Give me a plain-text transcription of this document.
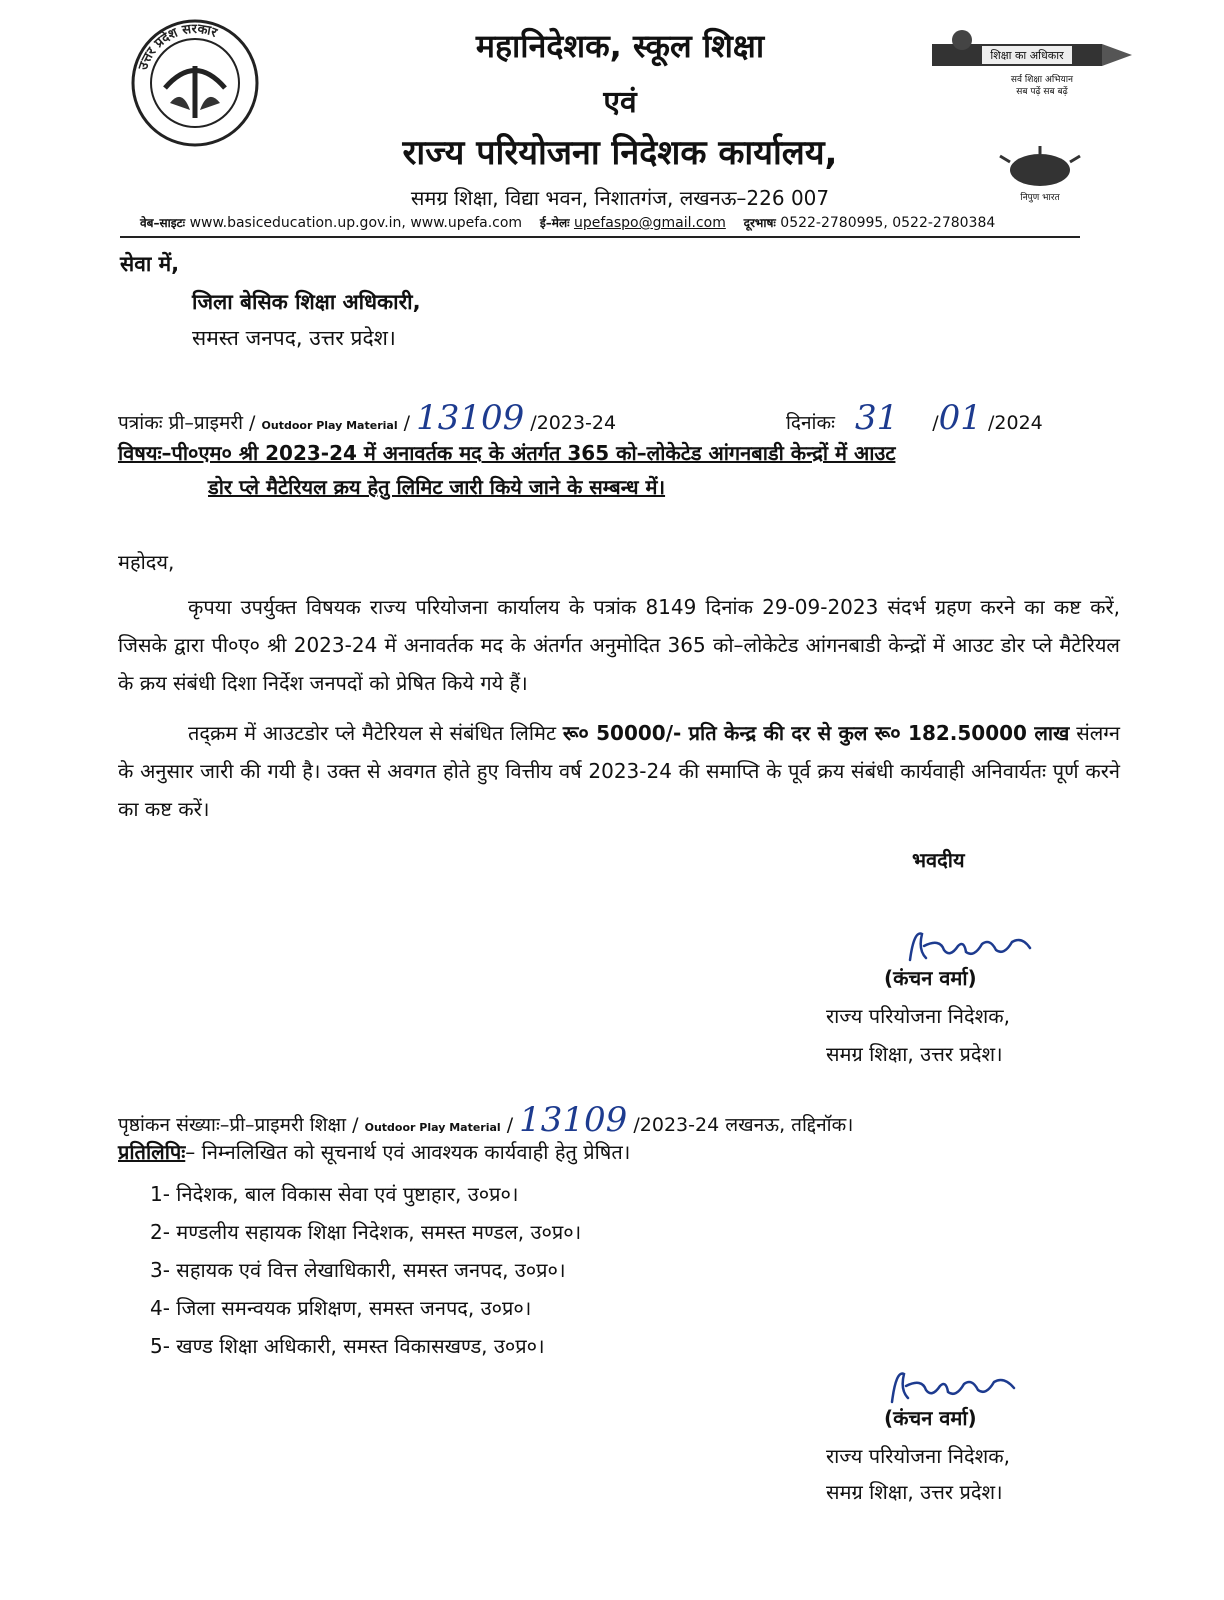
उत्तर प्रदेश सरकार
शिक्षा का अधिकार
सर्व शिक्षा अभियान
सब पढ़ें सब बढ़ें
निपुण भारत
महानिदेशक, स्कूल शिक्षा
एवं
राज्य परियोजना निदेशक कार्यालय,
समग्र शिक्षा, विद्या भवन, निशातगंज, लखनऊ–226 007
वेब–साइटः www.basiceducation.up.gov.in, www.upefa.com ई–मेलः upefaspo@gmail.com दूरभाषः 0522-2780995, 0522-2780384
सेवा में,
जिला बेसिक शिक्षा अधिकारी,
समस्त जनपद, उत्तर प्रदेश।
पत्रांकः प्री–प्राइमरी / Outdoor Play Material / 13109 /2023-24	दिनांकः 31 /01 /2024
विषयः–पी०एम० श्री 2023-24 में अनावर्तक मद के अंतर्गत 365 को–लोकेटेड आंगनबाडी केन्द्रों में आउट
डोर प्ले मैटेरियल क्रय हेतु लिमिट जारी किये जाने के सम्बन्ध में।
महोदय,
कृपया उपर्युक्त विषयक राज्य परियोजना कार्यालय के पत्रांक 8149 दिनांक 29-09-2023 संदर्भ ग्रहण करने का कष्ट करें, जिसके द्वारा पी०ए० श्री 2023-24 में अनावर्तक मद के अंतर्गत अनुमोदित 365 को–लोकेटेड आंगनबाडी केन्द्रों में आउट डोर प्ले मैटेरियल के क्रय संबंधी दिशा निर्देश जनपदों को प्रेषित किये गये हैं।
तद्क्रम में आउटडोर प्ले मैटेरियल से संबंधित लिमिट रू० 50000/- प्रति केन्द्र की दर से कुल रू० 182.50000 लाख संलग्न के अनुसार जारी की गयी है। उक्त से अवगत होते हुए वित्तीय वर्ष 2023-24 की समाप्ति के पूर्व क्रय संबंधी कार्यवाही अनिवार्यतः पूर्ण करने का कष्ट करें।
भवदीय
(कंचन वर्मा)
राज्य परियोजना निदेशक,
समग्र शिक्षा, उत्तर प्रदेश।
पृष्ठांकन संख्याः–प्री–प्राइमरी शिक्षा / Outdoor Play Material / 13109 /2023-24 लखनऊ, तद्दिनॉक।
प्रतिलिपिः– निम्नलिखित को सूचनार्थ एवं आवश्यक कार्यवाही हेतु प्रेषित।
1- निदेशक, बाल विकास सेवा एवं पुष्टाहार, उ०प्र०।
2- मण्डलीय सहायक शिक्षा निदेशक, समस्त मण्डल, उ०प्र०।
3- सहायक एवं वित्त लेखाधिकारी, समस्त जनपद, उ०प्र०।
4- जिला समन्वयक प्रशिक्षण, समस्त जनपद, उ०प्र०।
5- खण्ड शिक्षा अधिकारी, समस्त विकासखण्ड, उ०प्र०।
(कंचन वर्मा)
राज्य परियोजना निदेशक,
समग्र शिक्षा, उत्तर प्रदेश।
